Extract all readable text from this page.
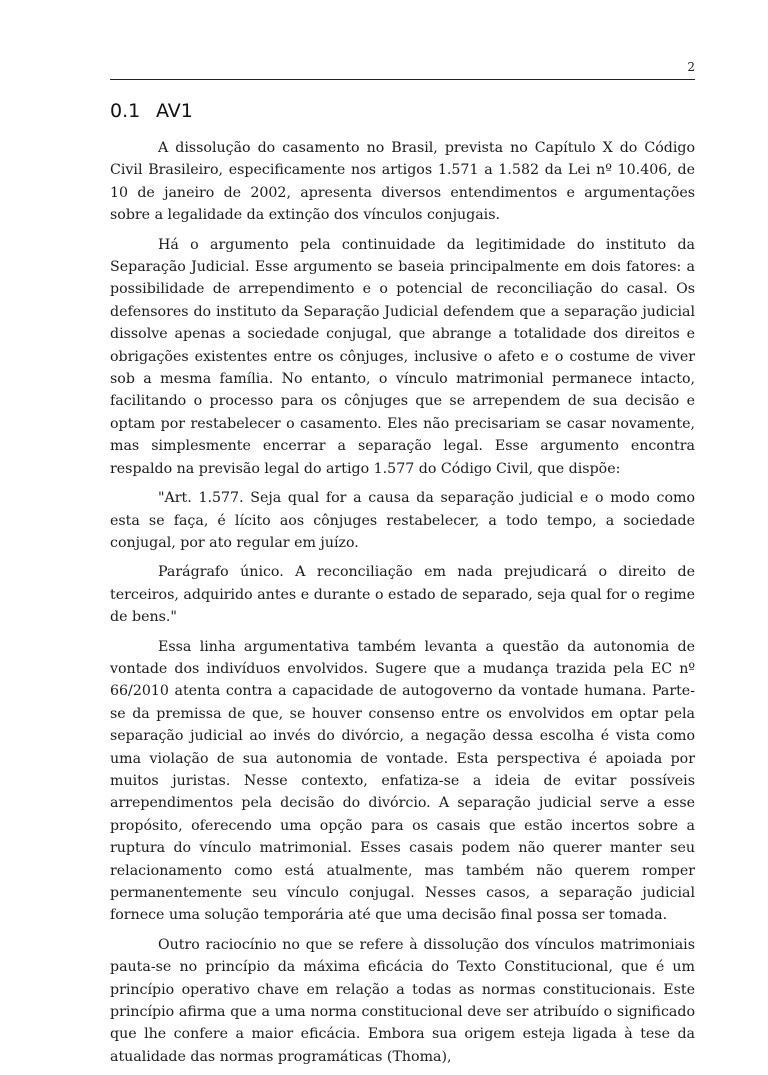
2
0.1 AV1

A dissolução do casamento no Brasil, prevista no Capítulo X do Código Civil Brasileiro, especificamente nos artigos 1.571 a 1.582 da Lei nº 10.406, de 10 de janeiro de 2002, apresenta diversos entendimentos e argumentações sobre a legalidade da extinção dos vínculos conjugais.

Há o argumento pela continuidade da legitimidade do instituto da Separação Judicial. Esse argumento se baseia principalmente em dois fatores: a possibilidade de arrependimento e o potencial de reconciliação do casal. Os defensores do instituto da Separação Judicial defendem que a separação judicial dissolve apenas a sociedade conjugal, que abrange a totalidade dos direitos e obrigações existentes entre os cônjuges, inclusive o afeto e o costume de viver sob a mesma família. No entanto, o vínculo matrimonial permanece intacto, facilitando o processo para os cônjuges que se arrependem de sua decisão e optam por restabelecer o casamento. Eles não precisariam se casar novamente, mas simplesmente encerrar a separação legal. Esse argumento encontra respaldo na previsão legal do artigo 1.577 do Código Civil, que dispõe:

"Art. 1.577. Seja qual for a causa da separação judicial e o modo como esta se faça, é lícito aos cônjuges restabelecer, a todo tempo, a sociedade conjugal, por ato regular em juízo.

Parágrafo único. A reconciliação em nada prejudicará o direito de terceiros, adquirido antes e durante o estado de separado, seja qual for o regime de bens."

Essa linha argumentativa também levanta a questão da autonomia de vontade dos indivíduos envolvidos. Sugere que a mudança trazida pela EC nº 66/2010 atenta contra a capacidade de autogoverno da vontade humana. Parte-se da premissa de que, se houver consenso entre os envolvidos em optar pela separação judicial ao invés do divórcio, a negação dessa escolha é vista como uma violação de sua autonomia de vontade. Esta perspectiva é apoiada por muitos juristas. Nesse contexto, enfatiza-se a ideia de evitar possíveis arrependimentos pela decisão do divórcio. A separação judicial serve a esse propósito, oferecendo uma opção para os casais que estão incertos sobre a ruptura do vínculo matrimonial. Esses casais podem não querer manter seu relacionamento como está atualmente, mas também não querem romper permanentemente seu vínculo conjugal. Nesses casos, a separação judicial fornece uma solução temporária até que uma decisão final possa ser tomada.

Outro raciocínio no que se refere à dissolução dos vínculos matrimoniais pauta-se no princípio da máxima eficácia do Texto Constitucional, que é um princípio operativo chave em relação a todas as normas constitucionais. Este princípio afirma que a uma norma constitucional deve ser atribuído o significado que lhe confere a maior eficácia. Embora sua origem esteja ligada à tese da atualidade das normas programáticas (Thoma),
